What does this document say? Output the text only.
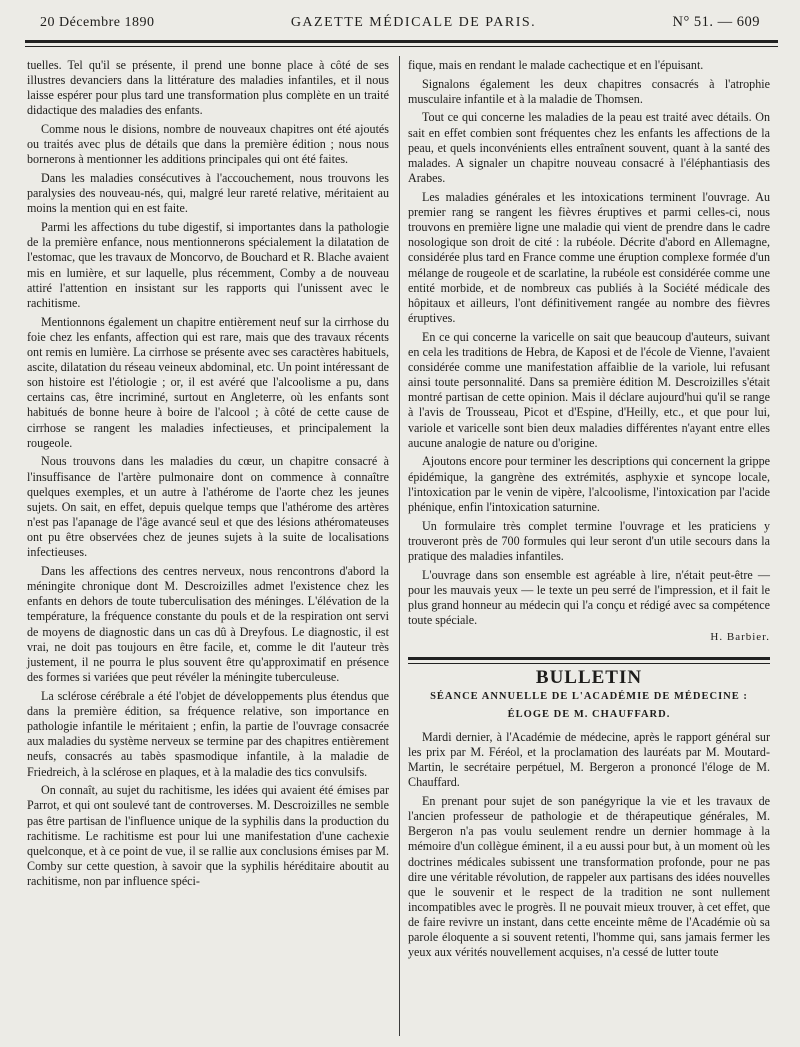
20 Décembre 1890	GAZETTE MÉDICALE DE PARIS.	N° 51. — 609

tuelles. Tel qu'il se présente, il prend une bonne place à côté de ses illustres devanciers dans la littérature des maladies infantiles, et il nous laisse espérer pour plus tard une transformation plus complète en un traité didactique des maladies des enfants.

Comme nous le disions, nombre de nouveaux chapitres ont été ajoutés ou traités avec plus de détails que dans la première édition ; nous nous bornerons à mentionner les additions principales qui ont été faites.

Dans les maladies consécutives à l'accouchement, nous trouvons les paralysies des nouveau-nés, qui, malgré leur rareté relative, méritaient au moins la mention qui en est faite.

Parmi les affections du tube digestif, si importantes dans la pathologie de la première enfance, nous mentionnerons spécialement la dilatation de l'estomac, que les travaux de Moncorvo, de Bouchard et R. Blache avaient mis en lumière, et sur laquelle, plus récemment, Comby a de nouveau attiré l'attention en insistant sur les rapports qui l'unissent avec le rachitisme.

Mentionnons également un chapitre entièrement neuf sur la cirrhose du foie chez les enfants, affection qui est rare, mais que des travaux récents ont remis en lumière. La cirrhose se présente avec ses caractères habituels, ascite, dilatation du réseau veineux abdominal, etc. Un point intéressant de son histoire est l'étiologie ; or, il est avéré que l'alcoolisme a pu, dans certains cas, être incriminé, surtout en Angleterre, où les enfants sont habitués de bonne heure à boire de l'alcool ; à côté de cette cause de cirrhose se rangent les maladies infectieuses, et principalement la rougeole.

Nous trouvons dans les maladies du cœur, un chapitre consacré à l'insuffisance de l'artère pulmonaire dont on commence à connaître quelques exemples, et un autre à l'athérome de l'aorte chez les jeunes sujets. On sait, en effet, depuis quelque temps que l'athérome des artères n'est pas l'apanage de l'âge avancé seul et que des lésions athéromateuses ont pu être observées chez de jeunes sujets à la suite de localisations infectieuses.

Dans les affections des centres nerveux, nous rencontrons d'abord la méningite chronique dont M. Descroizilles admet l'existence chez les enfants en dehors de toute tuberculisation des méninges. L'élévation de la température, la fréquence constante du pouls et de la respiration ont servi de moyens de diagnostic dans un cas dû à Dreyfous. Le diagnostic, il est vrai, ne doit pas toujours en être facile, et, comme le dit l'auteur très justement, il ne pourra le plus souvent être qu'approximatif en présence des formes si variées que peut révéler la méningite tuberculeuse.

La sclérose cérébrale a été l'objet de développements plus étendus que dans la première édition, sa fréquence relative, son importance en pathologie infantile le méritaient ; enfin, la partie de l'ouvrage consacrée aux maladies du système nerveux se termine par des chapitres entièrement neufs, consacrés au tabès spasmodique infantile, à la maladie de Friedreich, à la sclérose en plaques, et à la maladie des tics convulsifs.

On connaît, au sujet du rachitisme, les idées qui avaient été émises par Parrot, et qui ont soulevé tant de controverses. M. Descroizilles ne semble pas être partisan de l'influence unique de la syphilis dans la production du rachitisme. Le rachitisme est pour lui une manifestation d'une cachexie quelconque, et à ce point de vue, il se rallie aux conclusions émises par M. Comby sur cette question, à savoir que la syphilis héréditaire aboutit au rachitisme, non par influence spéci-

fique, mais en rendant le malade cachectique et en l'épuisant.

Signalons également les deux chapitres consacrés à l'atrophie musculaire infantile et à la maladie de Thomsen.

Tout ce qui concerne les maladies de la peau est traité avec détails. On sait en effet combien sont fréquentes chez les enfants les affections de la peau, et quels inconvénients elles entraînent souvent, quant à la santé des malades. A signaler un chapitre nouveau consacré à l'éléphantiasis des Arabes.

Les maladies générales et les intoxications terminent l'ouvrage. Au premier rang se rangent les fièvres éruptives et parmi celles-ci, nous trouvons en première ligne une maladie qui vient de prendre dans le cadre nosologique son droit de cité : la rubéole. Décrite d'abord en Allemagne, considérée plus tard en France comme une éruption complexe formée d'un mélange de rougeole et de scarlatine, la rubéole est considérée comme une entité morbide, et de nombreux cas publiés à la Société médicale des hôpitaux et ailleurs, l'ont définitivement rangée au nombre des fièvres éruptives.

En ce qui concerne la varicelle on sait que beaucoup d'auteurs, suivant en cela les traditions de Hebra, de Kaposi et de l'école de Vienne, l'avaient considérée comme une manifestation affaiblie de la variole, lui refusant ainsi toute personnalité. Dans sa première édition M. Descroizilles s'était montré partisan de cette opinion. Mais il déclare aujourd'hui qu'il se range à l'avis de Trousseau, Picot et d'Espine, d'Heilly, etc., et que pour lui, variole et varicelle sont bien deux maladies différentes n'ayant entre elles aucune analogie de nature ou d'origine.

Ajoutons encore pour terminer les descriptions qui concernent la grippe épidémique, la gangrène des extrémités, asphyxie et syncope locale, l'intoxication par le venin de vipère, l'alcoolisme, l'intoxication par l'acide phénique, enfin l'intoxication saturnine.

Un formulaire très complet termine l'ouvrage et les praticiens y trouveront près de 700 formules qui leur seront d'un utile secours dans la pratique des maladies infantiles.

L'ouvrage dans son ensemble est agréable à lire, n'était peut-être — pour les mauvais yeux — le texte un peu serré de l'impression, et il fait le plus grand honneur au médecin qui l'a conçu et rédigé avec sa compétence toute spéciale.

H. Barbier.
BULLETIN
SÉANCE ANNUELLE DE L'ACADÉMIE DE MÉDECINE :
ÉLOGE DE M. CHAUFFARD.

Mardi dernier, à l'Académie de médecine, après le rapport général sur les prix par M. Féréol, et la proclamation des lauréats par M. Moutard-Martin, le secrétaire perpétuel, M. Bergeron a prononcé l'éloge de M. Chauffard.

En prenant pour sujet de son panégyrique la vie et les travaux de l'ancien professeur de pathologie et de thérapeutique générales, M. Bergeron n'a pas voulu seulement rendre un dernier hommage à la mémoire d'un collègue éminent, il a eu aussi pour but, à un moment où les doctrines médicales subissent une transformation profonde, pour ne pas dire une véritable révolution, de rappeler aux partisans des idées nouvelles que le souvenir et le respect de la tradition ne sont nullement incompatibles avec le progrès. Il ne pouvait mieux trouver, à cet effet, que de faire revivre un instant, dans cette enceinte même de l'Académie où sa parole éloquente a si souvent retenti, l'homme qui, sans jamais fermer les yeux aux vérités nouvellement acquises, n'a cessé de lutter toute
